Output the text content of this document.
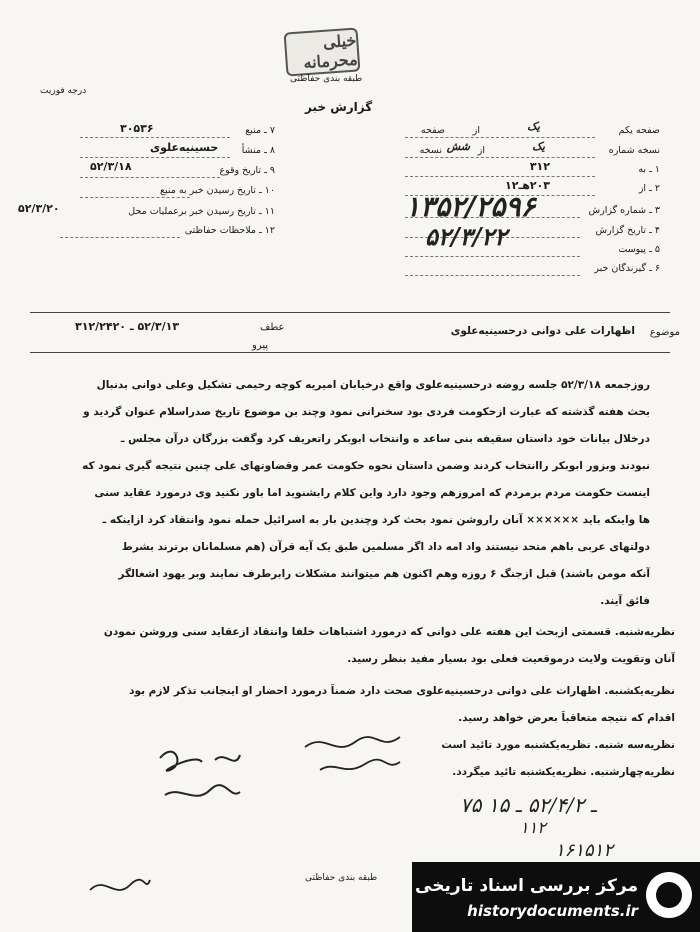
خیلی محرمانه
طبقه بندی حفاظتی
درجه فوریت
گزارش خبر
صفحه یکم
یک
از
صفحه
نسخه شماره
یک
از
شش
نسخه
۱ ـ به
۳۱۲
۲ ـ از
۲۰۳هـ۱۲
۳ ـ شماره گزارش
۴ ـ تاریخ گزارش
۵ ـ پیوست
۶ ـ گیرندگان خبر
۱۳۵۲/۲۵۹۶
۵۲/۳/۲۲
۷ ـ منبع
۳۰۵۳۶
۸ ـ منشأ
حسینیه‌علوی
۹ ـ تاریخ وقوع
۵۲/۳/۱۸
۱۰ ـ تاریخ رسیدن خبر به منبع
۱۱ ـ تاریخ رسیدن خبر برعملیات محل
۵۲/۳/۲۰
۱۲ ـ ملاحظات حفاظتی
موضوع
اظهارات علی دوانی درحسینیه‌علوی
عطف
۵۲/۳/۱۳ ـ ۳۱۲/۲۴۲۰
پیرو
روزجمعه ۵۲/۳/۱۸ جلسه روضه درحسینیه‌علوی واقع درخیابان امیریه کوچه رحیمی تشکیل وعلی دوانی بدنبال
بحث هفته گذشته که عبارت ازحکومت فردی بود سخنرانی نمود وچند بن موضوع تاریخ صدراسلام عنوان گردید و
درخلال بیانات خود داستان سقیفه بنی ساعد ه وانتخاب ابوبکر راتعریف کرد وگفت بزرگان درآن مجلس ـ
نبودند وبزور ابوبکر راانتخاب کردند وضمن داستان نحوه حکومت عمر وقضاوتهای علی چنین نتیجه گیری نمود که
اینست حکومت مردم برمردم که امروزهم وجود دارد واین کلام رابشنوید اما باور نکنید وی درمورد عقاید سنی
ها واینکه باید ×××××× آنان راروشن نمود بحث کرد وچندین بار به اسرائیل حمله نمود وانتقاد کرد ازاینکه ـ
دولتهای عربی باهم متحد نیستند واد امه داد اگر مسلمین طبق یک آیه قرآن (هم مسلمانان برترند بشرط
آنکه مومن باشند) قبل ازجنگ ۶ روزه وهم اکنون هم میتوانند مشکلات رابرطرف نمایند وبر یهود اشغالگر
فائق آیند.
نظریه‌شنبه. قسمتی ازبحث این هفته علی دوانی که درمورد اشتباهات خلفا وانتقاد ازعقاید سنی وروشن نمودن
آنان وتقویت ولایت درموقعیت فعلی بود بسیار مفید بنظر رسید.
نظریه‌یکشنبه. اظهارات علی دوانی درحسینیه‌علوی صحت دارد ضمناً درمورد احضار او اینجانب تذکر لازم بود
اقدام که نتیجه متعاقباً بعرض خواهد رسید.
نظریه‌سه شنبه. نظریه‌یکشنبه مورد تائید است
نظریه‌چهارشنبه. نظریه‌یکشنبه تائید میگردد.
۷۵ ـ ۵۲/۴/۲ ـ ۱۵
۱۱۲
۱۶۱۵۱۲
طبقه بندی حفاظتی مرکز بررسی اسناد تاریخی
historydocuments.ir
